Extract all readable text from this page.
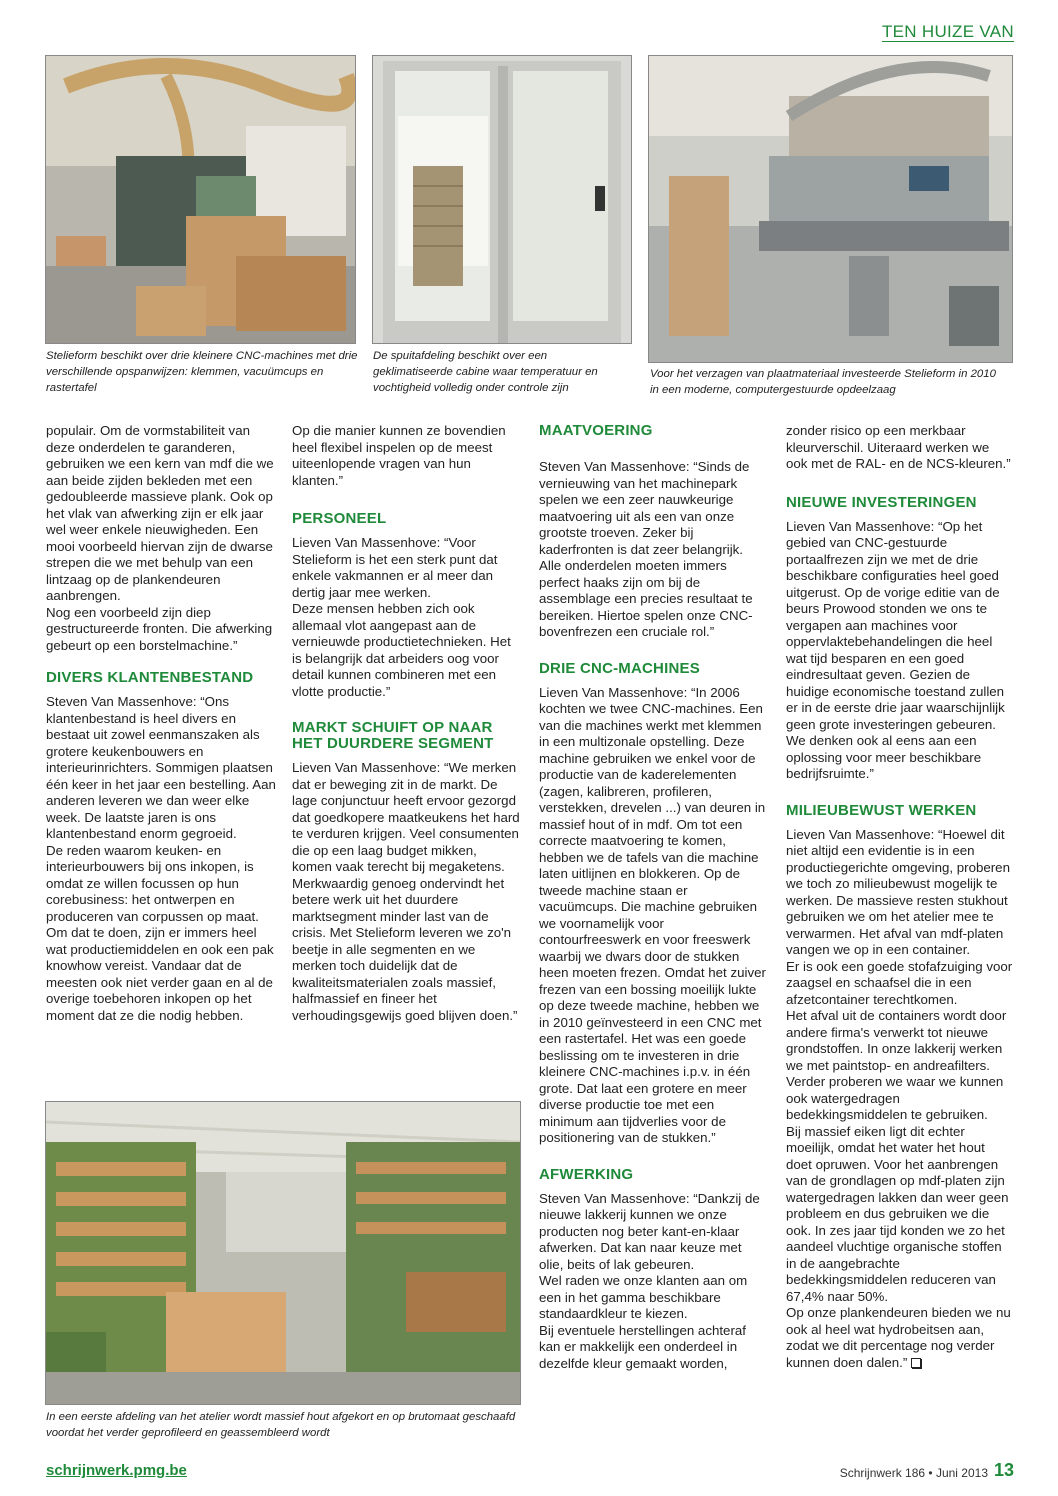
TEN HUIZE VAN
Stelieform beschikt over drie kleinere CNC-machines met drie verschillende opspanwijzen: klemmen, vacuümcups en rastertafel
De spuitafdeling beschikt over een geklimatiseerde cabine waar temperatuur en vochtigheid volledig onder controle zijn
Voor het verzagen van plaatmateriaal investeerde Stelieform in 2010 in een moderne, computergestuurde opdeelzaag

populair. Om de vormstabiliteit van deze onderdelen te garanderen, gebruiken we een kern van mdf die we aan beide zijden bekleden met een gedoubleerde massieve plank. Ook op het vlak van afwerking zijn er elk jaar wel weer enkele nieuwigheden. Een mooi voorbeeld hiervan zijn de dwarse strepen die we met behulp van een lintzaag op de plankendeuren aanbrengen.

Nog een voorbeeld zijn diep gestructureerde fronten. Die afwerking gebeurt op een borstelmachine.”

DIVERS KLANTENBESTAND

Steven Van Massenhove: “Ons klantenbestand is heel divers en bestaat uit zowel eenmanszaken als grotere keukenbouwers en interieurinrichters. Sommigen plaatsen één keer in het jaar een bestelling. Aan anderen leveren we dan weer elke week. De laatste jaren is ons klantenbestand enorm gegroeid.

De reden waarom keuken- en interieurbouwers bij ons inkopen, is omdat ze willen focussen op hun corebusiness: het ontwerpen en produceren van corpussen op maat. Om dat te doen, zijn er immers heel wat productiemiddelen en ook een pak knowhow vereist. Vandaar dat de meesten ook niet verder gaan en al de overige toebehoren inkopen op het moment dat ze die nodig hebben.

Op die manier kunnen ze bovendien heel flexibel inspelen op de meest uiteenlopende vragen van hun klanten.”

PERSONEEL

Lieven Van Massenhove: “Voor Stelieform is het een sterk punt dat enkele vakmannen er al meer dan dertig jaar mee werken.

Deze mensen hebben zich ook allemaal vlot aangepast aan de vernieuwde productietechnieken. Het is belangrijk dat arbeiders oog voor detail kunnen combineren met een vlotte productie.”

MARKT SCHUIFT OP NAAR HET DUURDERE SEGMENT

Lieven Van Massenhove: “We merken dat er beweging zit in de markt. De lage conjunctuur heeft ervoor gezorgd dat goedkopere maatkeukens het hard te verduren krijgen. Veel consumenten die op een laag budget mikken, komen vaak terecht bij megaketens.

Merkwaardig genoeg ondervindt het betere werk uit het duurdere marktsegment minder last van de crisis. Met Stelieform leveren we zo'n beetje in alle segmenten en we merken toch duidelijk dat de kwaliteitsmaterialen zoals massief, halfmassief en fineer het verhoudingsgewijs goed blijven doen.”

In een eerste afdeling van het atelier wordt massief hout afgekort en op brutomaat geschaafd voordat het verder geprofileerd en geassembleerd wordt
MAATVOERING

Steven Van Massenhove: “Sinds de vernieuwing van het machinepark spelen we een zeer nauwkeurige maatvoering uit als een van onze grootste troeven. Zeker bij kaderfronten is dat zeer belangrijk. Alle onderdelen moeten immers perfect haaks zijn om bij de assemblage een precies resultaat te bereiken. Hiertoe spelen onze CNC-bovenfrezen een cruciale rol.”

DRIE CNC-MACHINES

Lieven Van Massenhove: “In 2006 kochten we twee CNC-machines. Een van die machines werkt met klemmen in een multizonale opstelling. Deze machine gebruiken we enkel voor de productie van de kaderelementen (zagen, kalibreren, profileren, verstekken, drevelen ...) van deuren in massief hout of in mdf. Om tot een correcte maatvoering te komen, hebben we de tafels van die machine laten uitlijnen en blokkeren. Op de tweede machine staan er vacuümcups. Die machine gebruiken we voornamelijk voor contourfreeswerk en voor freeswerk waarbij we dwars door de stukken heen moeten frezen. Omdat het zuiver frezen van een bossing moeilijk lukte op deze tweede machine, hebben we in 2010 geïnvesteerd in een CNC met een rastertafel. Het was een goede beslissing om te investeren in drie kleinere CNC-machines i.p.v. in één grote. Dat laat een grotere en meer diverse productie toe met een minimum aan tijdverlies voor de positionering van de stukken.”

AFWERKING

Steven Van Massenhove: “Dankzij de nieuwe lakkerij kunnen we onze producten nog beter kant-en-klaar afwerken. Dat kan naar keuze met olie, beits of lak gebeuren.

Wel raden we onze klanten aan om een in het gamma beschikbare standaardkleur te kiezen.

Bij eventuele herstellingen achteraf kan er makkelijk een onderdeel in dezelfde kleur gemaakt worden,

zonder risico op een merkbaar kleurverschil. Uiteraard werken we ook met de RAL- en de NCS-kleuren.”

NIEUWE INVESTERINGEN

Lieven Van Massenhove: “Op het gebied van CNC-gestuurde portaalfrezen zijn we met de drie beschikbare configuraties heel goed uitgerust. Op de vorige editie van de beurs Prowood stonden we ons te vergapen aan machines voor oppervlaktebehandelingen die heel wat tijd besparen en een goed eindresultaat geven. Gezien de huidige economische toestand zullen er in de eerste drie jaar waarschijnlijk geen grote investeringen gebeuren. We denken ook al eens aan een oplossing voor meer beschikbare bedrijfsruimte.”

MILIEUBEWUST WERKEN

Lieven Van Massenhove: “Hoewel dit niet altijd een evidentie is in een productiegerichte omgeving, proberen we toch zo milieubewust mogelijk te werken. De massieve resten stukhout gebruiken we om het atelier mee te verwarmen. Het afval van mdf-platen vangen we op in een container.

Er is ook een goede stofafzuiging voor zaagsel en schaafsel die in een afzetcontainer terechtkomen.

Het afval uit de containers wordt door andere firma's verwerkt tot nieuwe grondstoffen. In onze lakkerij werken we met paintstop- en andreafilters. Verder proberen we waar we kunnen ook watergedragen bedekkingsmiddelen te gebruiken.

Bij massief eiken ligt dit echter moeilijk, omdat het water het hout doet opruwen. Voor het aanbrengen van de grondlagen op mdf-platen zijn watergedragen lakken dan weer geen probleem en dus gebruiken we die ook. In zes jaar tijd konden we zo het aandeel vluchtige organische stoffen in de aangebrachte bedekkingsmiddelen reduceren van 67,4% naar 50%.

Op onze plankendeuren bieden we nu ook al heel wat hydrobeitsen aan, zodat we dit percentage nog verder kunnen doen dalen.”

schrijnwerk.pmg.be	Schrijnwerk 186 • Juni 2013 13
